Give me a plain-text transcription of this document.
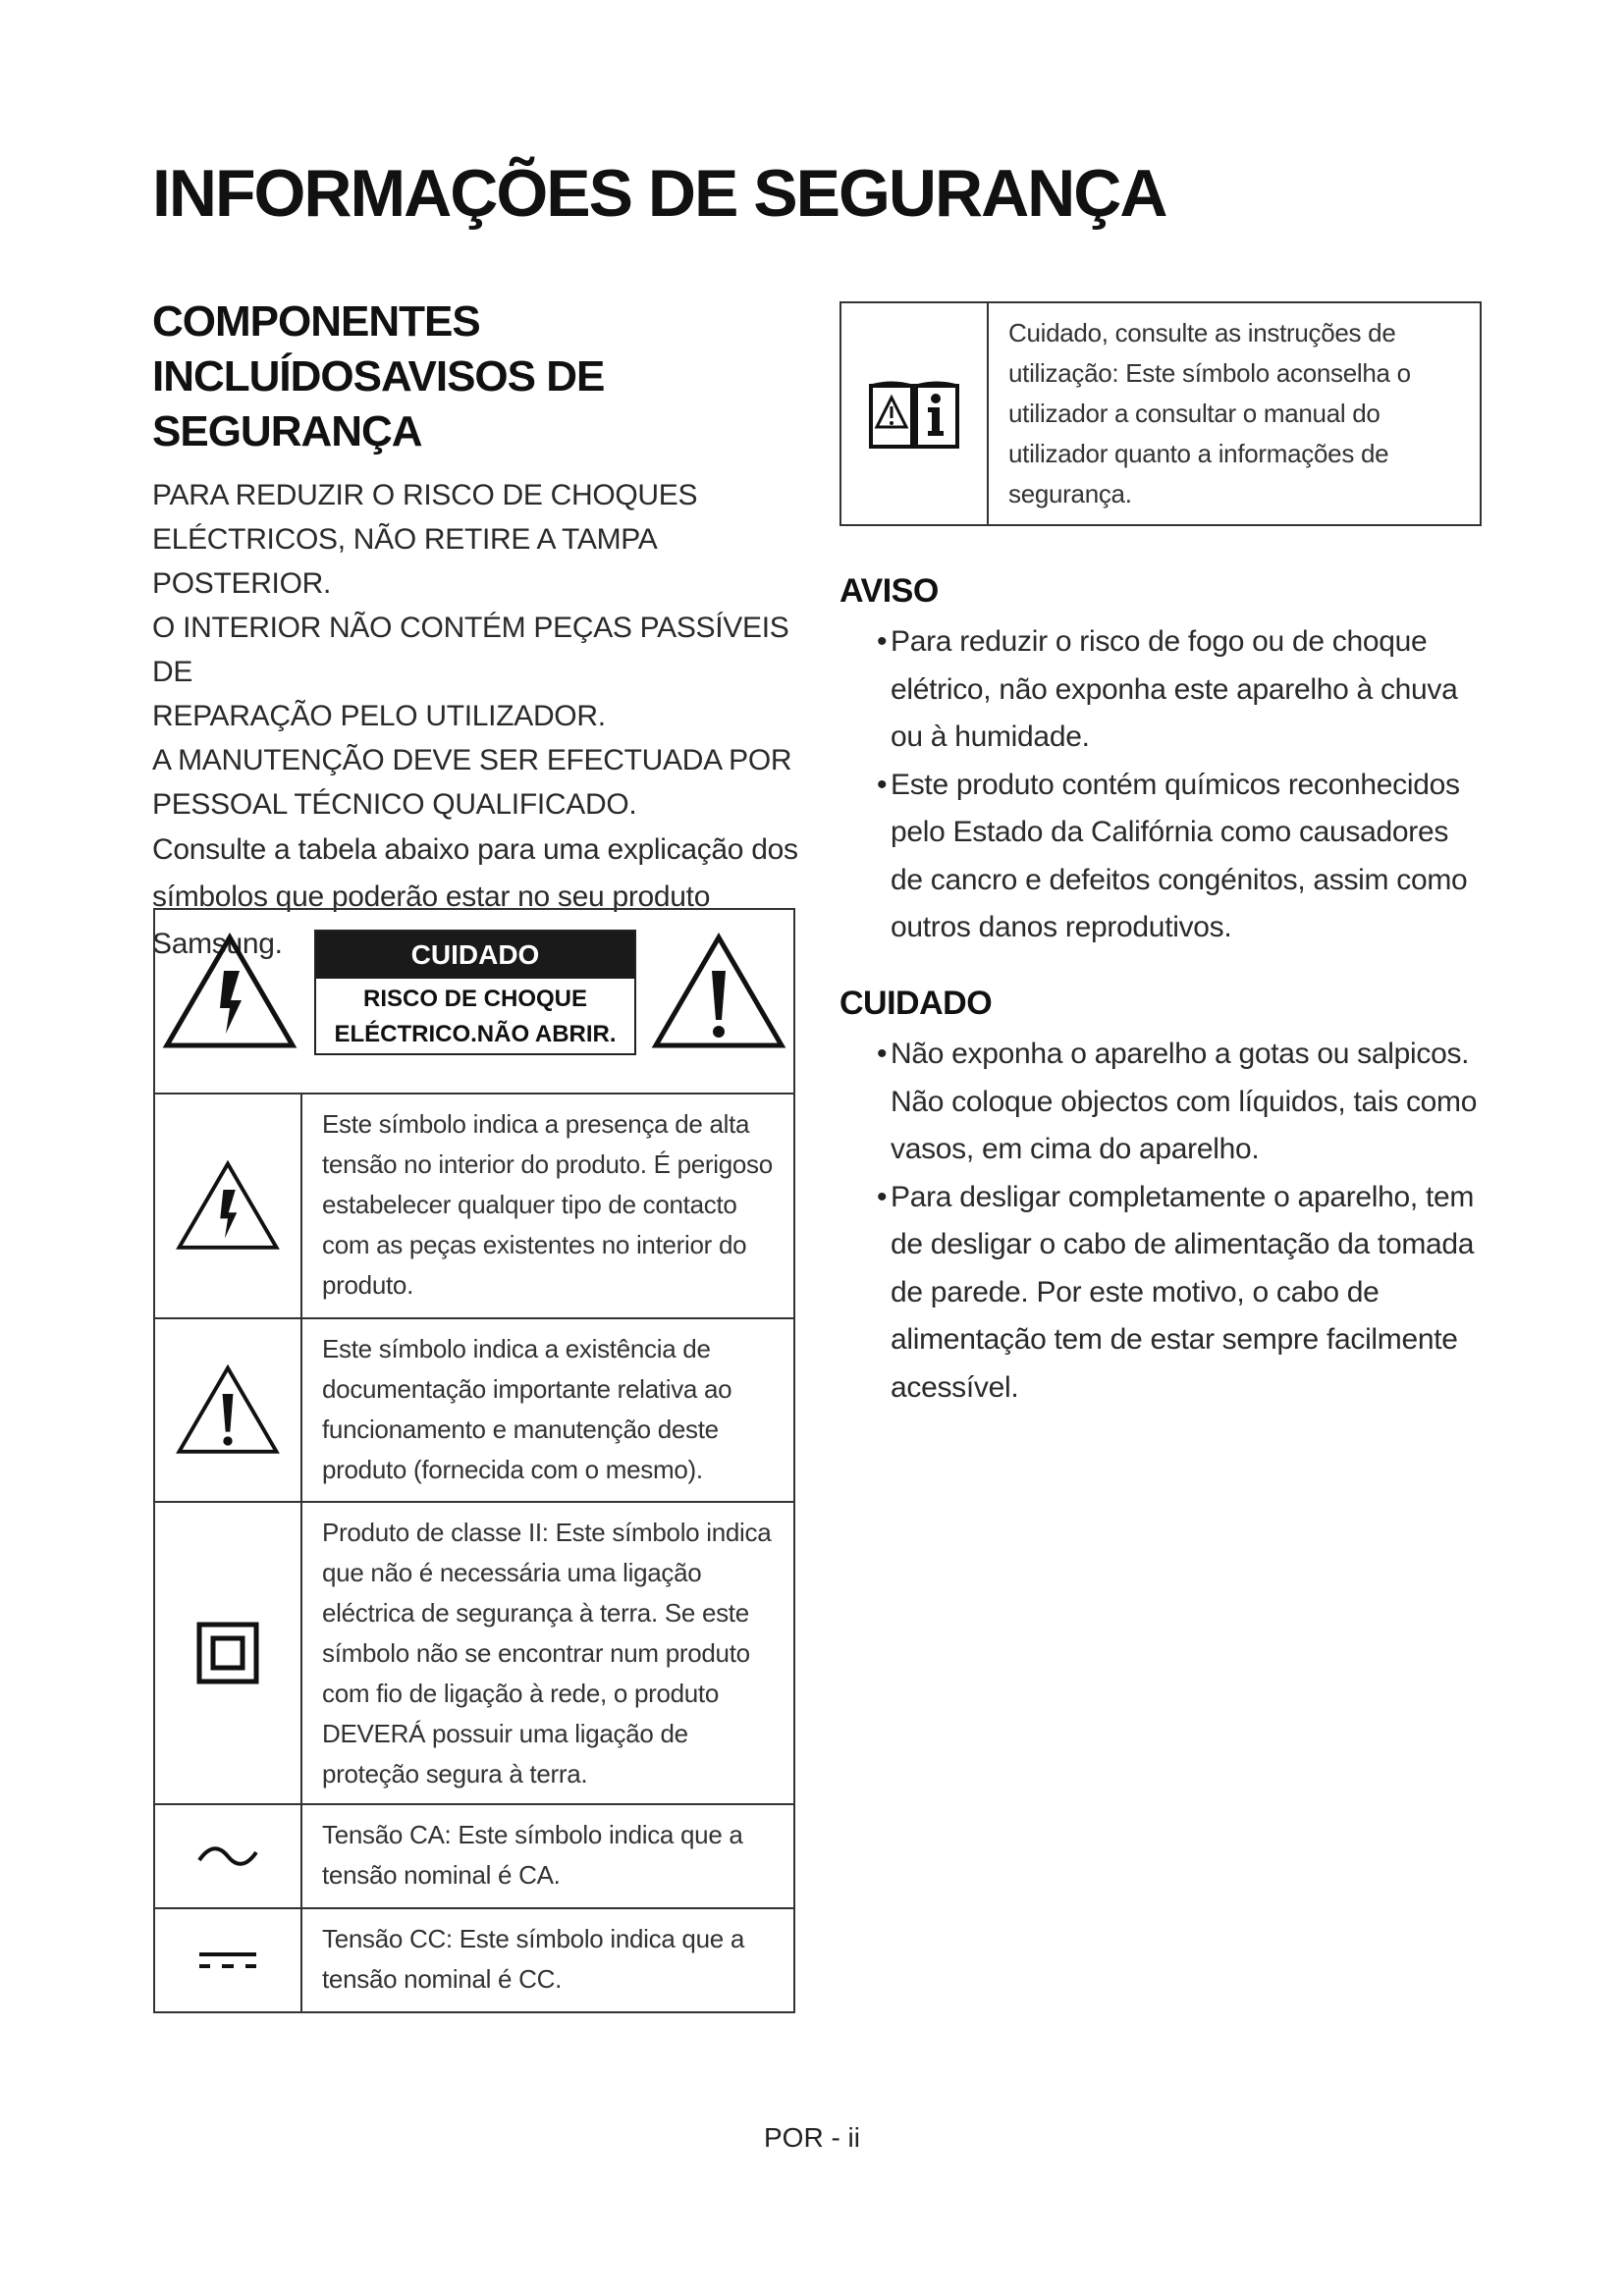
INFORMAÇÕES DE SEGURANÇA
COMPONENTES INCLUÍDOSAVISOS DE SEGURANÇA
PARA REDUZIR O RISCO DE CHOQUES
ELÉCTRICOS, NÃO RETIRE A TAMPA POSTERIOR.
O INTERIOR NÃO CONTÉM PEÇAS PASSÍVEIS DE
REPARAÇÃO PELO UTILIZADOR.
A MANUTENÇÃO DEVE SER EFECTUADA POR
PESSOAL TÉCNICO QUALIFICADO.
Consulte a tabela abaixo para uma explicação dos símbolos que poderão estar no seu produto Samsung.	CUIDADO
RISCO DE CHOQUE
ELÉCTRICO.NÃO ABRIR.
Este símbolo indica a presença de alta tensão no interior do produto. É perigoso estabelecer qualquer tipo de contacto com as peças existentes no interior do produto.
Este símbolo indica a existência de documentação importante relativa ao funcionamento e manutenção deste produto (fornecida com o mesmo).
Produto de classe II: Este símbolo indica que não é necessária uma ligação eléctrica de segurança à terra. Se este símbolo não se encontrar num produto com fio de ligação à rede, o produto DEVERÁ possuir uma ligação de proteção segura à terra.
Tensão CA: Este símbolo indica que a tensão nominal é CA.
Tensão CC: Este símbolo indica que a tensão nominal é CC.
Cuidado, consulte as instruções de utilização: Este símbolo aconselha o utilizador a consultar o manual do utilizador quanto a informações de segurança.
AVISO
• Para reduzir o risco de fogo ou de choque elétrico, não exponha este aparelho à chuva ou à humidade.
• Este produto contém químicos reconhecidos pelo Estado da Califórnia como causadores de cancro e defeitos congénitos, assim como outros danos reprodutivos.
CUIDADO
• Não exponha o aparelho a gotas ou salpicos. Não coloque objectos com líquidos, tais como vasos, em cima do aparelho.
• Para desligar completamente o aparelho, tem de desligar o cabo de alimentação da tomada de parede. Por este motivo, o cabo de alimentação tem de estar sempre facilmente acessível.
POR - ii
